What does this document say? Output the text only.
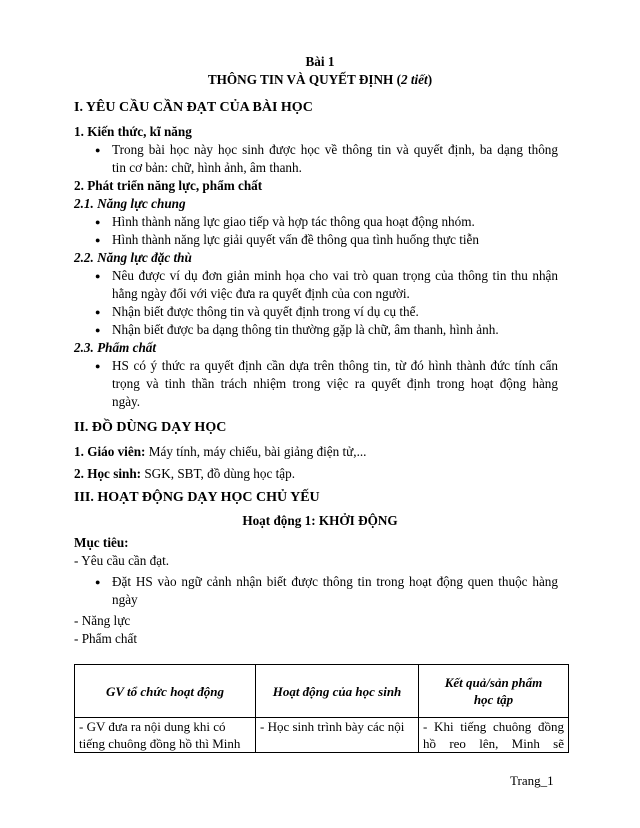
Bài 1
THÔNG TIN VÀ QUYẾT ĐỊNH (2 tiết)
I. YÊU CẦU CẦN ĐẠT CỦA BÀI HỌC
1. Kiến thức, kĩ năng
● Trong bài học này học sinh được học về thông tin và quyết định, ba dạng thông
tin cơ bản: chữ, hình ảnh, âm thanh.
2. Phát triển năng lực, phẩm chất
2.1. Năng lực chung
● Hình thành năng lực giao tiếp và hợp tác thông qua hoạt động nhóm.
● Hình thành năng lực giải quyết vấn đề thông qua tình huống thực tiễn
2.2. Năng lực đặc thù
● Nêu được ví dụ đơn giản minh họa cho vai trò quan trọng của thông tin thu nhận
hằng ngày đối với việc đưa ra quyết định của con người.
● Nhận biết được thông tin và quyết định trong ví dụ cụ thể.
● Nhận biết được ba dạng thông tin thường gặp là chữ, âm thanh, hình ảnh.
2.3. Phẩm chất
● HS có ý thức ra quyết định cần dựa trên thông tin, từ đó hình thành đức tính cẩn
trọng và tinh thần trách nhiệm trong việc ra quyết định trong hoạt động hàng
ngày.
II. ĐỒ DÙNG DẠY HỌC
1. Giáo viên: Máy tính, máy chiếu, bài giảng điện tử,...
2. Học sinh: SGK, SBT, đồ dùng học tập.
III. HOẠT ĐỘNG DẠY HỌC CHỦ YẾU
Hoạt động 1: KHỞI ĐỘNG
Mục tiêu:
- Yêu cầu cần đạt.
● Đặt HS vào ngữ cảnh nhận biết được thông tin trong hoạt động quen thuộc hàng
ngày
- Năng lực
- Phẩm chất
GV tổ chức hoạt động	Hoạt động của học sinh	Kết quả/sản phẩm
học tập

- GV đưa ra nội dung khi có
tiếng chuông đồng hồ thì Minh	- Học sinh trình bày các nội	- Khi tiếng chuông đồng
hồ reo lên, Minh sẽ
Trang_1
